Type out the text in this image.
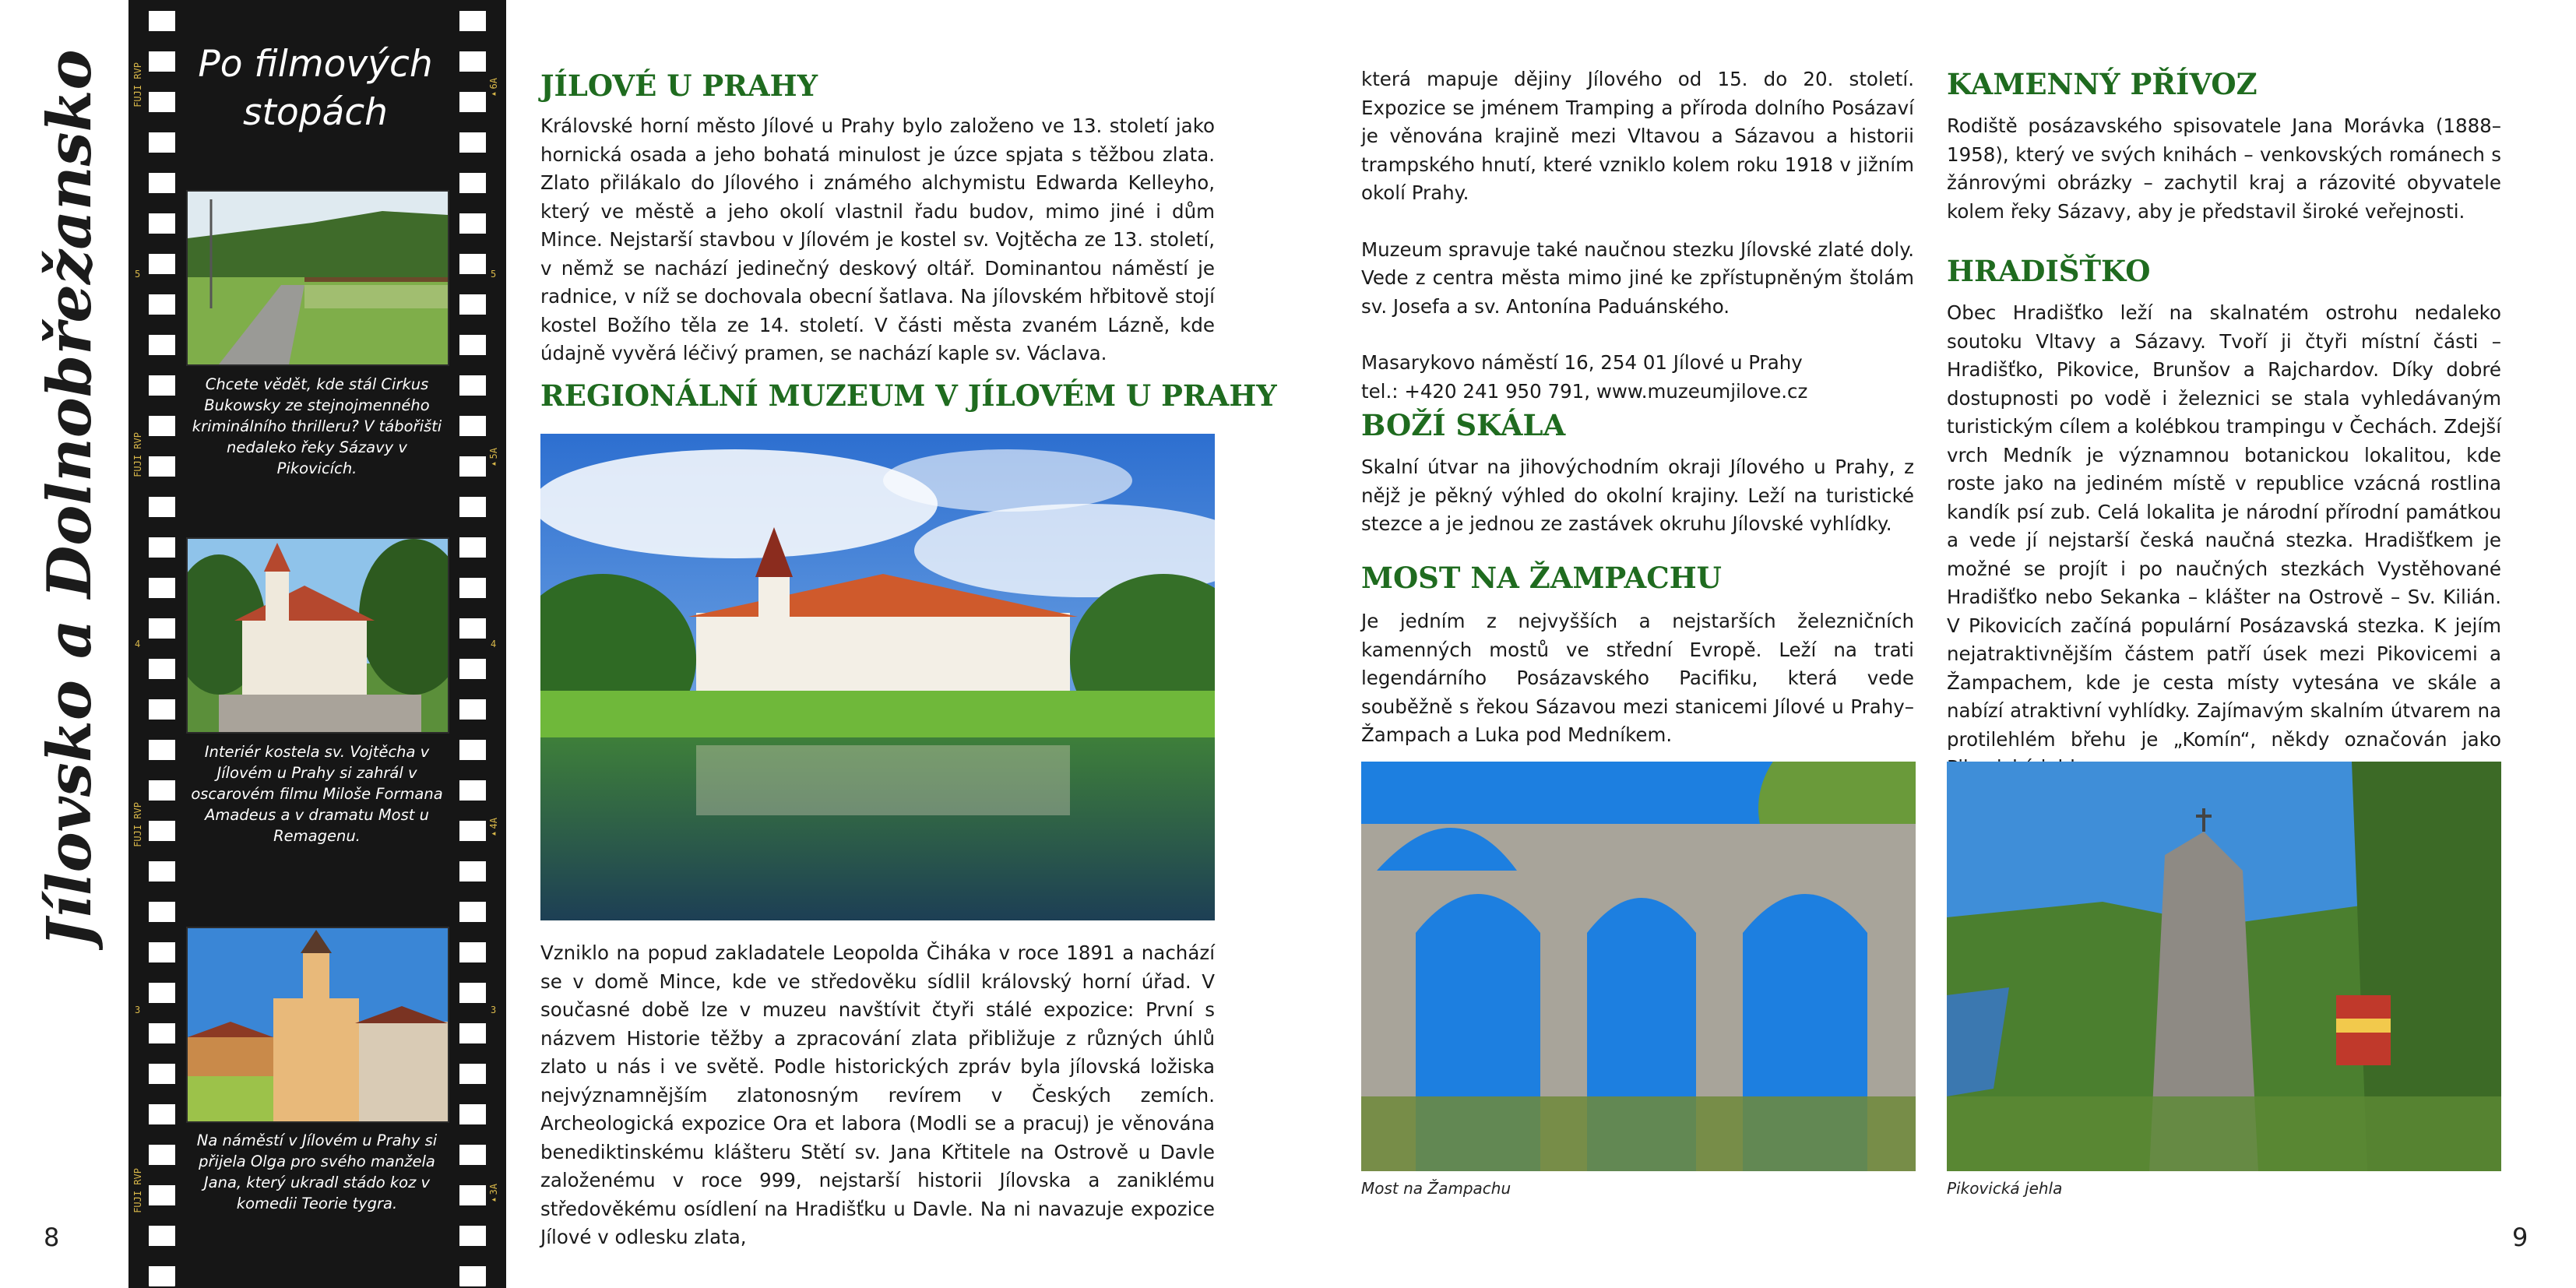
Jílovsko a Dolnobřežansko	FUJI RVP
5	5
FUJI RVP
4	4
FUJI RVP
3	3
FUJI RVP
▸6A
▸5A
▸4A
▸3A
Po filmových
stopách
Chcete vědět, kde stál Cirkus Bukowsky ze stejnojmenného kriminálního thrilleru? V tábořišti nedaleko řeky Sázavy v Pikovicích.
Interiér kostela sv. Vojtěcha v Jílovém u Prahy si zahrál v oscarovém filmu Miloše Formana Amadeus a v dramatu Most u Remagenu.
Na náměstí v Jílovém u Prahy si přijela Olga pro svého manžela Jana, který ukradl stádo koz v komedii Teorie tygra.
8
JÍLOVÉ U PRAHY

Královské horní město Jílové u Prahy bylo založeno ve 13. století jako hornická osada a jeho bohatá minulost je úzce spjata s těžbou zlata. Zlato přilákalo do Jílového i známého alchymistu Edwarda Kelleyho, který ve městě a jeho okolí vlastnil řadu budov, mimo jiné i dům Mince. Nejstarší stavbou v Jílovém je kostel sv. Vojtěcha ze 13. století, v němž se nachází jedinečný deskový oltář. Dominantou náměstí je radnice, v níž se dochovala obecní šatlava. Na jílovském hřbitově stojí kostel Božího těla ze 14. století. V části města zvaném Lázně, kde údajně vyvěrá léčivý pramen, se nachází kaple sv. Václava.

REGIONÁLNÍ MUZEUM V JÍLOVÉM U PRAHY

Vzniklo na popud zakladatele Leopolda Čiháka v roce 1891 a nachází se v domě Mince, kde ve středověku sídlil královský horní úřad. V současné době lze v muzeu navštívit čtyři stálé expozice: První s názvem Historie těžby a zpracování zlata přibližuje z různých úhlů zlato u nás i ve světě. Podle historických zpráv byla jílovská ložiska nejvýznamnějším zlatonosným revírem v Českých zemích. Archeologická expozice Ora et labora (Modli se a pracuj) je věnována benediktinskému klášteru Stětí sv. Jana Křtitele na Ostrově u Davle založenému v roce 999, nejstarší historii Jílovska a zaniklému středověkému osídlení na Hradišťku u Davle. Na ni navazuje expozice Jílové v odlesku zlata,

která mapuje dějiny Jílového od 15. do 20. století. Expozice se jménem Tramping a příroda dolního Posázaví je věnována krajině mezi Vltavou a Sázavou a historii trampského hnutí, které vzniklo kolem roku 1918 v jižním okolí Prahy.

Muzeum spravuje také naučnou stezku Jílovské zlaté doly. Vede z centra města mimo jiné ke zpřístupněným štolám sv. Josefa a sv. Antonína Paduánského.

Masarykovo náměstí 16, 254 01 Jílové u Prahy

tel.: +420 241 950 791, www.muzeumjilove.cz

BOŽÍ SKÁLA

Skalní útvar na jihovýchodním okraji Jílového u Prahy, z nějž je pěkný výhled do okolní krajiny. Leží na turistické stezce a je jednou ze zastávek okruhu Jílovské vyhlídky.

MOST NA ŽAMPACHU

Je jedním z nejvyšších a nejstarších železničních kamenných mostů ve střední Evropě. Leží na trati legendárního Posázavského Pacifiku, která vede souběžně s řekou Sázavou mezi stanicemi Jílové u Prahy–Žampach a Luka pod Medníkem.

Most na Žampachu
KAMENNÝ PŘÍVOZ

Rodiště posázavského spisovatele Jana Morávka (1888–1958), který ve svých knihách – venkovských románech s žánrovými obrázky – zachytil kraj a rázovité obyvatele kolem řeky Sázavy, aby je představil široké veřejnosti.

HRADIŠŤKO

Obec Hradišťko leží na skalnatém ostrohu nedaleko soutoku Vltavy a Sázavy. Tvoří ji čtyři místní části – Hradišťko, Pikovice, Brunšov a Rajchardov. Díky dobré dostupnosti po vodě i železnici se stala vyhledávaným turistickým cílem a kolébkou trampingu v Čechách. Zdejší vrch Medník je významnou botanickou lokalitou, kde roste jako na jediném místě v republice vzácná rostlina kandík psí zub. Celá lokalita je národní přírodní památkou a vede jí nejstarší česká naučná stezka. Hradišťkem je možné se projít i po naučných stezkách Vystěhované Hradišťko nebo Sekanka – klášter na Ostrově – Sv. Kilián. V Pikovicích začíná populární Posázavská stezka. K jejím nejatraktivnějším částem patří úsek mezi Pikovicemi a Žampachem, kde je cesta místy vytesána ve skále a nabízí atraktivní vyhlídky. Zajímavým skalním útvarem na protilehlém břehu je „Komín“, někdy označován jako

Pikovická jehla
9
